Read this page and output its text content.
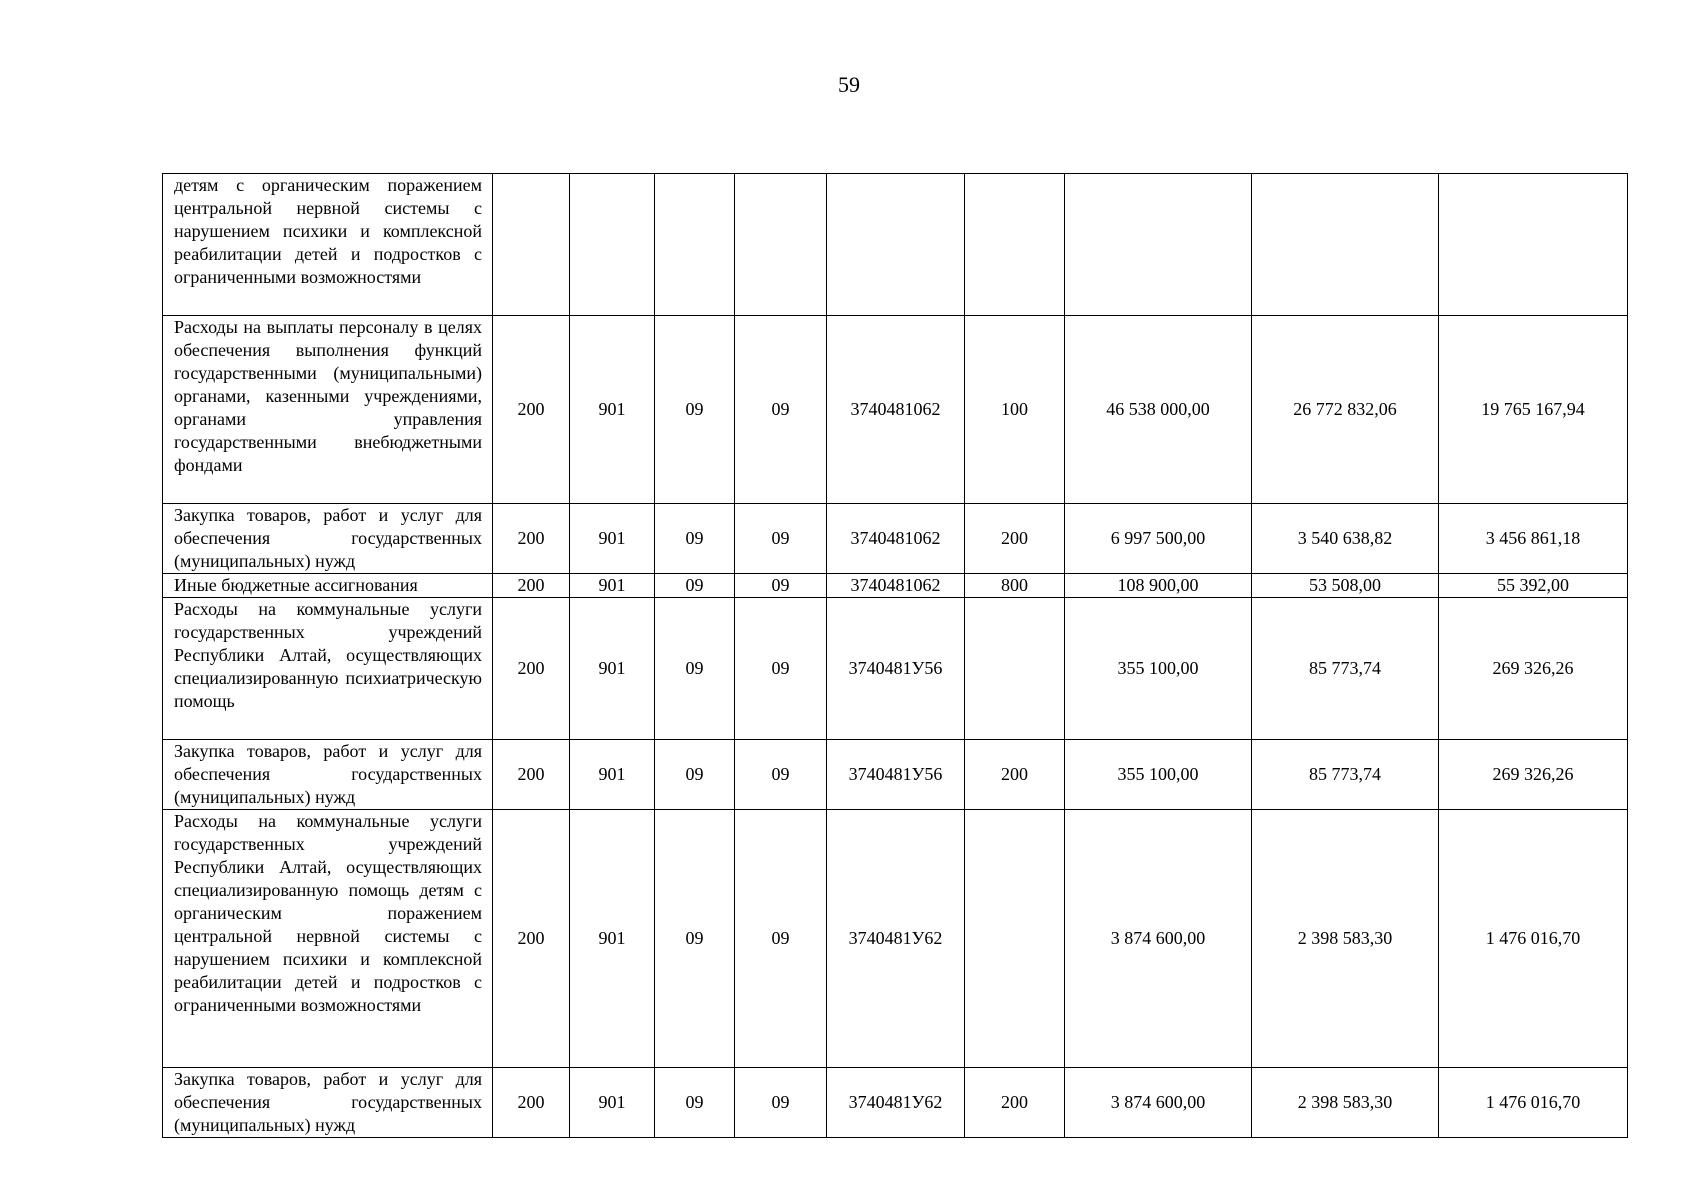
59
детям с органическим поражением центральной нервной системы с нарушением психики и комплексной реабилитации детей и подростков с ограниченными возможностями									
Расходы на выплаты персоналу в целях обеспечения выполнения функций государственными (муниципальными) органами, казенными учреждениями, органами управления государственными внебюджетными фондами	200	901	09	09	3740481062	100	46 538 000,00	26 772 832,06	19 765 167,94
Закупка товаров, работ и услуг для обеспечения государственных (муниципальных) нужд	200	901	09	09	3740481062	200	6 997 500,00	3 540 638,82	3 456 861,18
Иные бюджетные ассигнования	200	901	09	09	3740481062	800	108 900,00	53 508,00	55 392,00
Расходы на коммунальные услуги государственных учреждений Республики Алтай, осуществляющих специализированную психиатрическую помощь	200	901	09	09	3740481У56		355 100,00	85 773,74	269 326,26
Закупка товаров, работ и услуг для обеспечения государственных (муниципальных) нужд	200	901	09	09	3740481У56	200	355 100,00	85 773,74	269 326,26
Расходы на коммунальные услуги государственных учреждений Республики Алтай, осуществляющих специализированную помощь детям с органическим поражением центральной нервной системы с нарушением психики и комплексной реабилитации детей и подростков с ограниченными возможностями	200	901	09	09	3740481У62		3 874 600,00	2 398 583,30	1 476 016,70
Закупка товаров, работ и услуг для обеспечения государственных (муниципальных) нужд	200	901	09	09	3740481У62	200	3 874 600,00	2 398 583,30	1 476 016,70
